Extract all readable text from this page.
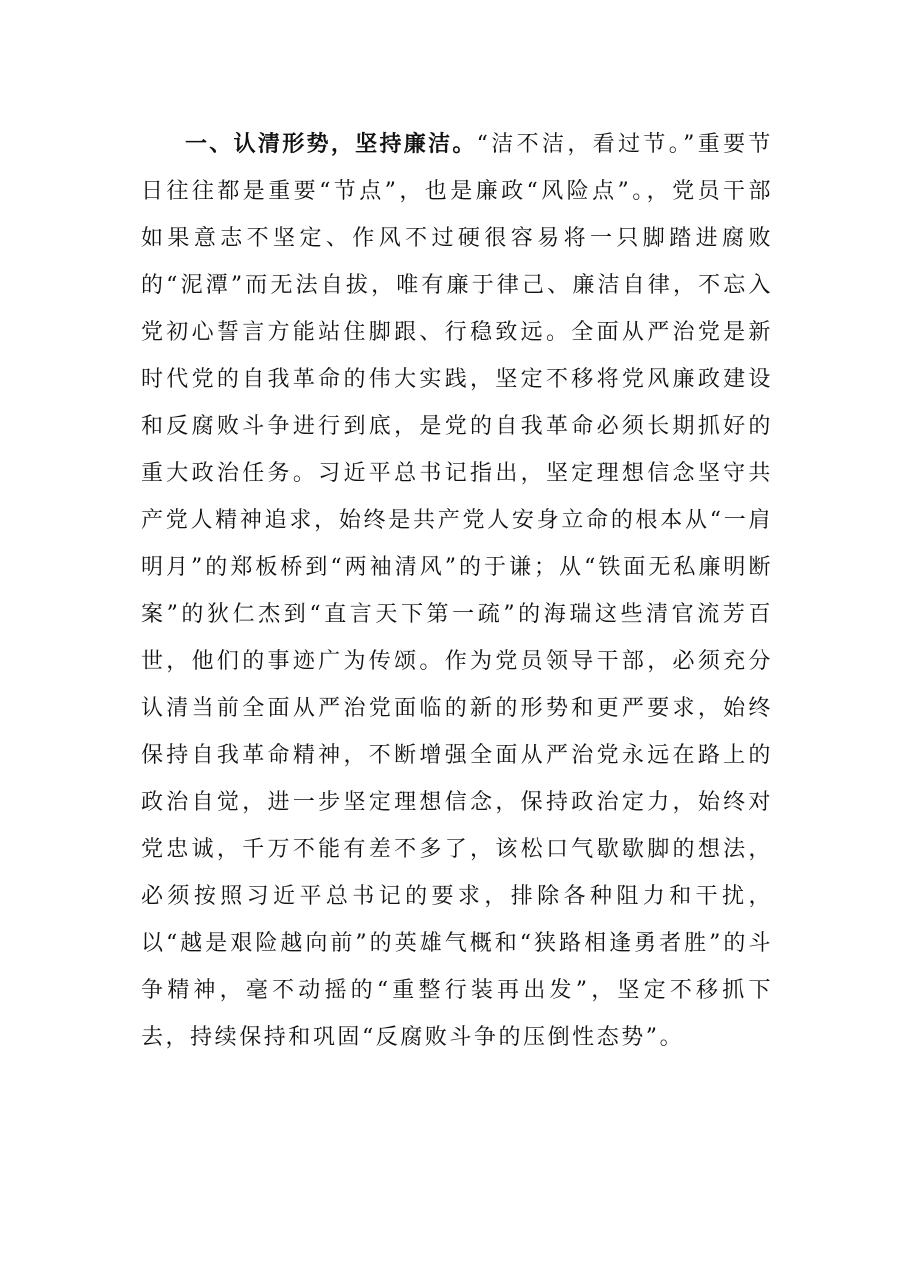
一、认清形势，坚持廉洁。“洁不洁，看过节。”重要节日往往都是重要“节点”，也是廉政“风险点”。，党员干部如果意志不坚定、作风不过硬很容易将一只脚踏进腐败的“泥潭”而无法自拔，唯有廉于律己、廉洁自律，不忘入党初心誓言方能站住脚跟、行稳致远。全面从严治党是新时代党的自我革命的伟大实践，坚定不移将党风廉政建设和反腐败斗争进行到底，是党的自我革命必须长期抓好的重大政治任务。习近平总书记指出，坚定理想信念坚守共产党人精神追求，始终是共产党人安身立命的根本从“一肩明月”的郑板桥到“两袖清风”的于谦；从“铁面无私廉明断案”的狄仁杰到“直言天下第一疏”的海瑞这些清官流芳百世，他们的事迹广为传颂。作为党员领导干部，必须充分认清当前全面从严治党面临的新的形势和更严要求，始终保持自我革命精神，不断增强全面从严治党永远在路上的政治自觉，进一步坚定理想信念，保持政治定力，始终对党忠诚，千万不能有差不多了，该松口气歇歇脚的想法，必须按照习近平总书记的要求，排除各种阻力和干扰，以“越是艰险越向前”的英雄气概和“狭路相逢勇者胜”的斗争精神，毫不动摇的“重整行装再出发”，坚定不移抓下去，持续保持和巩固“反腐败斗争的压倒性态势”。
